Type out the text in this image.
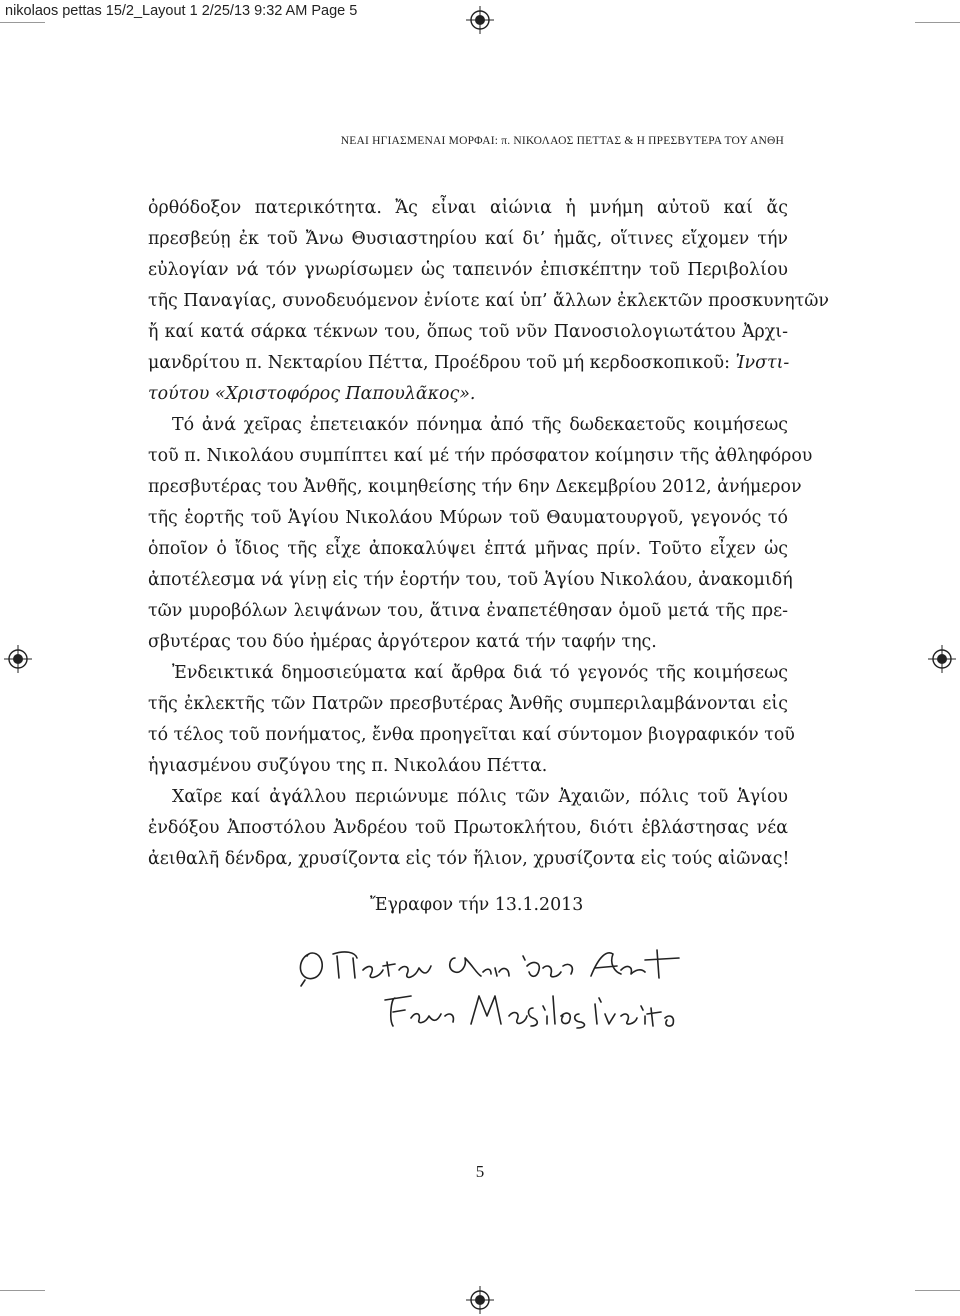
nikolaos pettas 15/2_Layout 1 2/25/13 9:32 AM Page 5
ΝΕΑΙ ΗΓΙΑΣΜΕΝΑΙ ΜΟΡΦΑΙ: π. ΝΙΚΟΛΑΟΣ ΠΕΤΤΑΣ & Η ΠΡΕΣΒΥΤΕΡΑ ΤΟΥ ΑΝΘΗ
ὀρθόδοξον πατερικότητα. Ἄς εἶναι αἰώνια ἡ μνήμη αὐτοῦ καί ἄς
πρεσβεύῃ ἐκ τοῦ Ἄνω Θυσιαστηρίου καί δι’ ἡμᾶς, οἵτινες εἴχομεν τήν
εὐλογίαν νά τόν γνωρίσωμεν ὡς ταπεινόν ἐπισκέπτην τοῦ Περιβολίου
τῆς Παναγίας, συνοδευόμενον ἐνίοτε καί ὑπ’ ἄλλων ἐκλεκτῶν προσκυνητῶν
ἤ καί κατά σάρκα τέκνων του, ὅπως τοῦ νῦν Πανοσιολογιωτάτου Ἀρχι-
μανδρίτου π. Νεκταρίου Πέττα, Προέδρου τοῦ μή κερδοσκοπικοῦ: Ἰνστι-
τούτου «Χριστοφόρος Παπουλᾶκος».
Τό ἀνά χεῖρας ἐπετειακόν πόνημα ἀπό τῆς δωδεκαετοῦς κοιμήσεως
τοῦ π. Νικολάου συμπίπτει καί μέ τήν πρόσφατον κοίμησιν τῆς ἀθληφόρου
πρεσβυτέρας του Ἀνθῆς, κοιμηθείσης τήν 6ην Δεκεμβρίου 2012, ἀνήμερον
τῆς ἑορτῆς τοῦ Ἁγίου Νικολάου Μύρων τοῦ Θαυματουργοῦ, γεγονός τό
ὁποῖον ὁ ἴδιος τῆς εἶχε ἀποκαλύψει ἑπτά μῆνας πρίν. Τοῦτο εἶχεν ὡς
ἀποτέλεσμα νά γίνῃ εἰς τήν ἑορτήν του, τοῦ Ἁγίου Νικολάου, ἀνακομιδή
τῶν μυροβόλων λειψάνων του, ἅτινα ἐναπετέθησαν ὁμοῦ μετά τῆς πρε-
σβυτέρας του δύο ἡμέρας ἀργότερον κατά τήν ταφήν της.
Ἐνδεικτικά δημοσιεύματα καί ἄρθρα διά τό γεγονός τῆς κοιμήσεως
τῆς ἐκλεκτῆς τῶν Πατρῶν πρεσβυτέρας Ἀνθῆς συμπεριλαμβάνονται εἰς
τό τέλος τοῦ πονήματος, ἔνθα προηγεῖται καί σύντομον βιογραφικόν τοῦ
ἡγιασμένου συζύγου της π. Νικολάου Πέττα.
Χαῖρε καί ἀγάλλου περιώνυμε πόλις τῶν Ἀχαιῶν, πόλις τοῦ Ἁγίου
ἐνδόξου Ἀποστόλου Ἀνδρέου τοῦ Πρωτοκλήτου, διότι ἐβλάστησας νέα
ἀειθαλῆ δένδρα, χρυσίζοντα εἰς τόν ἥλιον, χρυσίζοντα εἰς τούς αἰῶνας!
Ἔγραφον τήν 13.1.2013
5
